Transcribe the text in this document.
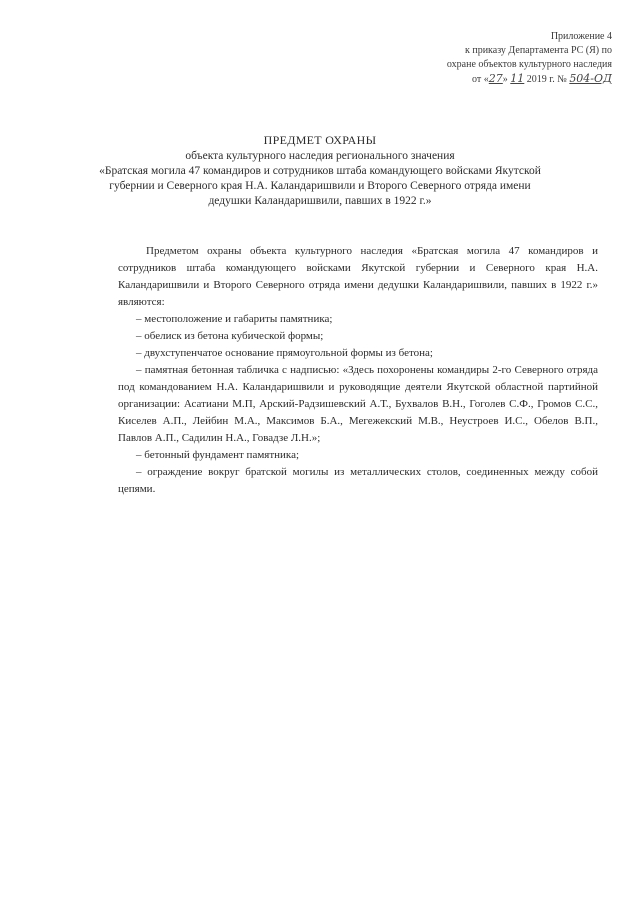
Приложение 4
к приказу Департамента РС (Я) по
охране объектов культурного наследия
от «27» 11 2019 г. № 504-ОД
ПРЕДМЕТ ОХРАНЫ
объекта культурного наследия регионального значения
«Братская могила 47 командиров и сотрудников штаба командующего войсками Якутской
губернии и Северного края Н.А. Каландаришвили и Второго Северного отряда имени
дедушки Каландаришвили, павших в 1922 г.»

Предметом охраны объекта культурного наследия «Братская могила 47 командиров и сотрудников штаба командующего войсками Якутской губернии и Северного края Н.А. Каландаришвили и Второго Северного отряда имени дедушки Каландаришвили, павших в 1922 г.» являются:

– местоположение и габариты памятника;

– обелиск из бетона кубической формы;

– двухступенчатое основание прямоугольной формы из бетона;

– памятная бетонная табличка с надписью: «Здесь похоронены командиры 2-го Северного отряда под командованием Н.А. Каландаришвили и руководящие деятели Якутской областной партийной организации: Асатиани М.П, Арский-Радзишевский А.Т., Бухвалов В.Н., Гоголев С.Ф., Громов С.С., Киселев А.П., Лейбин М.А., Максимов Б.А., Мегежекский М.В., Неустроев И.С., Обелов В.П., Павлов А.П., Садилин Н.А., Говадзе Л.Н.»;

– бетонный фундамент памятника;

– ограждение вокруг братской могилы из металлических столов, соединенных между собой цепями.
